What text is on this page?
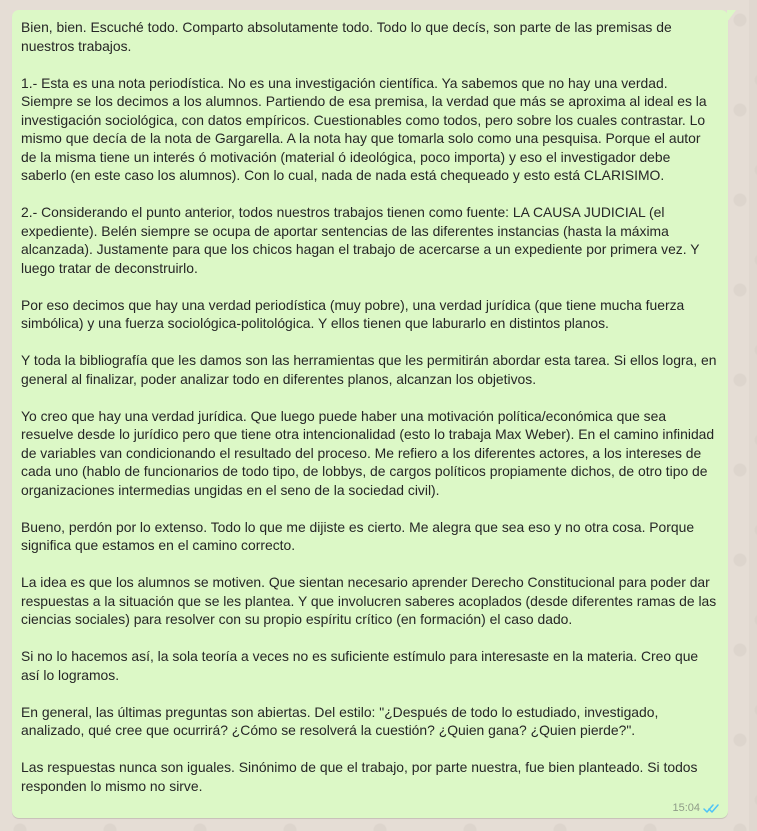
Bien, bien. Escuché todo. Comparto absolutamente todo. Todo lo que decís, son parte de las premisas de nuestros trabajos.

1.- Esta es una nota periodística. No es una investigación científica. Ya sabemos que no hay una verdad. Siempre se los decimos a los alumnos. Partiendo de esa premisa, la verdad que más se aproxima al ideal es la investigación sociológica, con datos empíricos. Cuestionables como todos, pero sobre los cuales contrastar. Lo mismo que decía de la nota de Gargarella. A la nota hay que tomarla solo como una pesquisa. Porque el autor de la misma tiene un interés ó motivación (material ó ideológica, poco importa) y eso el investigador debe saberlo (en este caso los alumnos). Con lo cual, nada de nada está chequeado y esto está CLARISIMO.

2.- Considerando el punto anterior, todos nuestros trabajos tienen como fuente: LA CAUSA JUDICIAL (el expediente). Belén siempre se ocupa de aportar sentencias de las diferentes instancias (hasta la máxima alcanzada). Justamente para que los chicos hagan el trabajo de acercarse a un expediente por primera vez. Y luego tratar de deconstruirlo.

Por eso decimos que hay una verdad periodística (muy pobre), una verdad jurídica (que tiene mucha fuerza simbólica) y una fuerza sociológica-politológica. Y ellos tienen que laburarlo en distintos planos.

Y toda la bibliografía que les damos son las herramientas que les permitirán abordar esta tarea. Si ellos logra, en general al finalizar, poder analizar todo en diferentes planos, alcanzan los objetivos.

Yo creo que hay una verdad jurídica. Que luego puede haber una motivación política/económica que sea resuelve desde lo jurídico pero que tiene otra intencionalidad (esto lo trabaja Max Weber). En el camino infinidad de variables van condicionando el resultado del proceso. Me refiero a los diferentes actores, a los intereses de cada uno (hablo de funcionarios de todo tipo, de lobbys, de cargos políticos propiamente dichos, de otro tipo de organizaciones intermedias ungidas en el seno de la sociedad civil).

Bueno, perdón por lo extenso. Todo lo que me dijiste es cierto. Me alegra que sea eso y no otra cosa. Porque significa que estamos en el camino correcto.

La idea es que los alumnos se motiven. Que sientan necesario aprender Derecho Constitucional para poder dar respuestas a la situación que se les plantea. Y que involucren saberes acoplados (desde diferentes ramas de las ciencias sociales) para resolver con su propio espíritu crítico (en formación) el caso dado.

Si no lo hacemos así, la sola teoría a veces no es suficiente estímulo para interesaste en la materia. Creo que así lo logramos.

En general, las últimas preguntas son abiertas. Del estilo: "¿Después de todo lo estudiado, investigado, analizado, qué cree que ocurrirá? ¿Cómo se resolverá la cuestión? ¿Quien gana? ¿Quien pierde?".

Las respuestas nunca son iguales. Sinónimo de que el trabajo, por parte nuestra, fue bien planteado. Si todos responden lo mismo no sirve.

15:04
